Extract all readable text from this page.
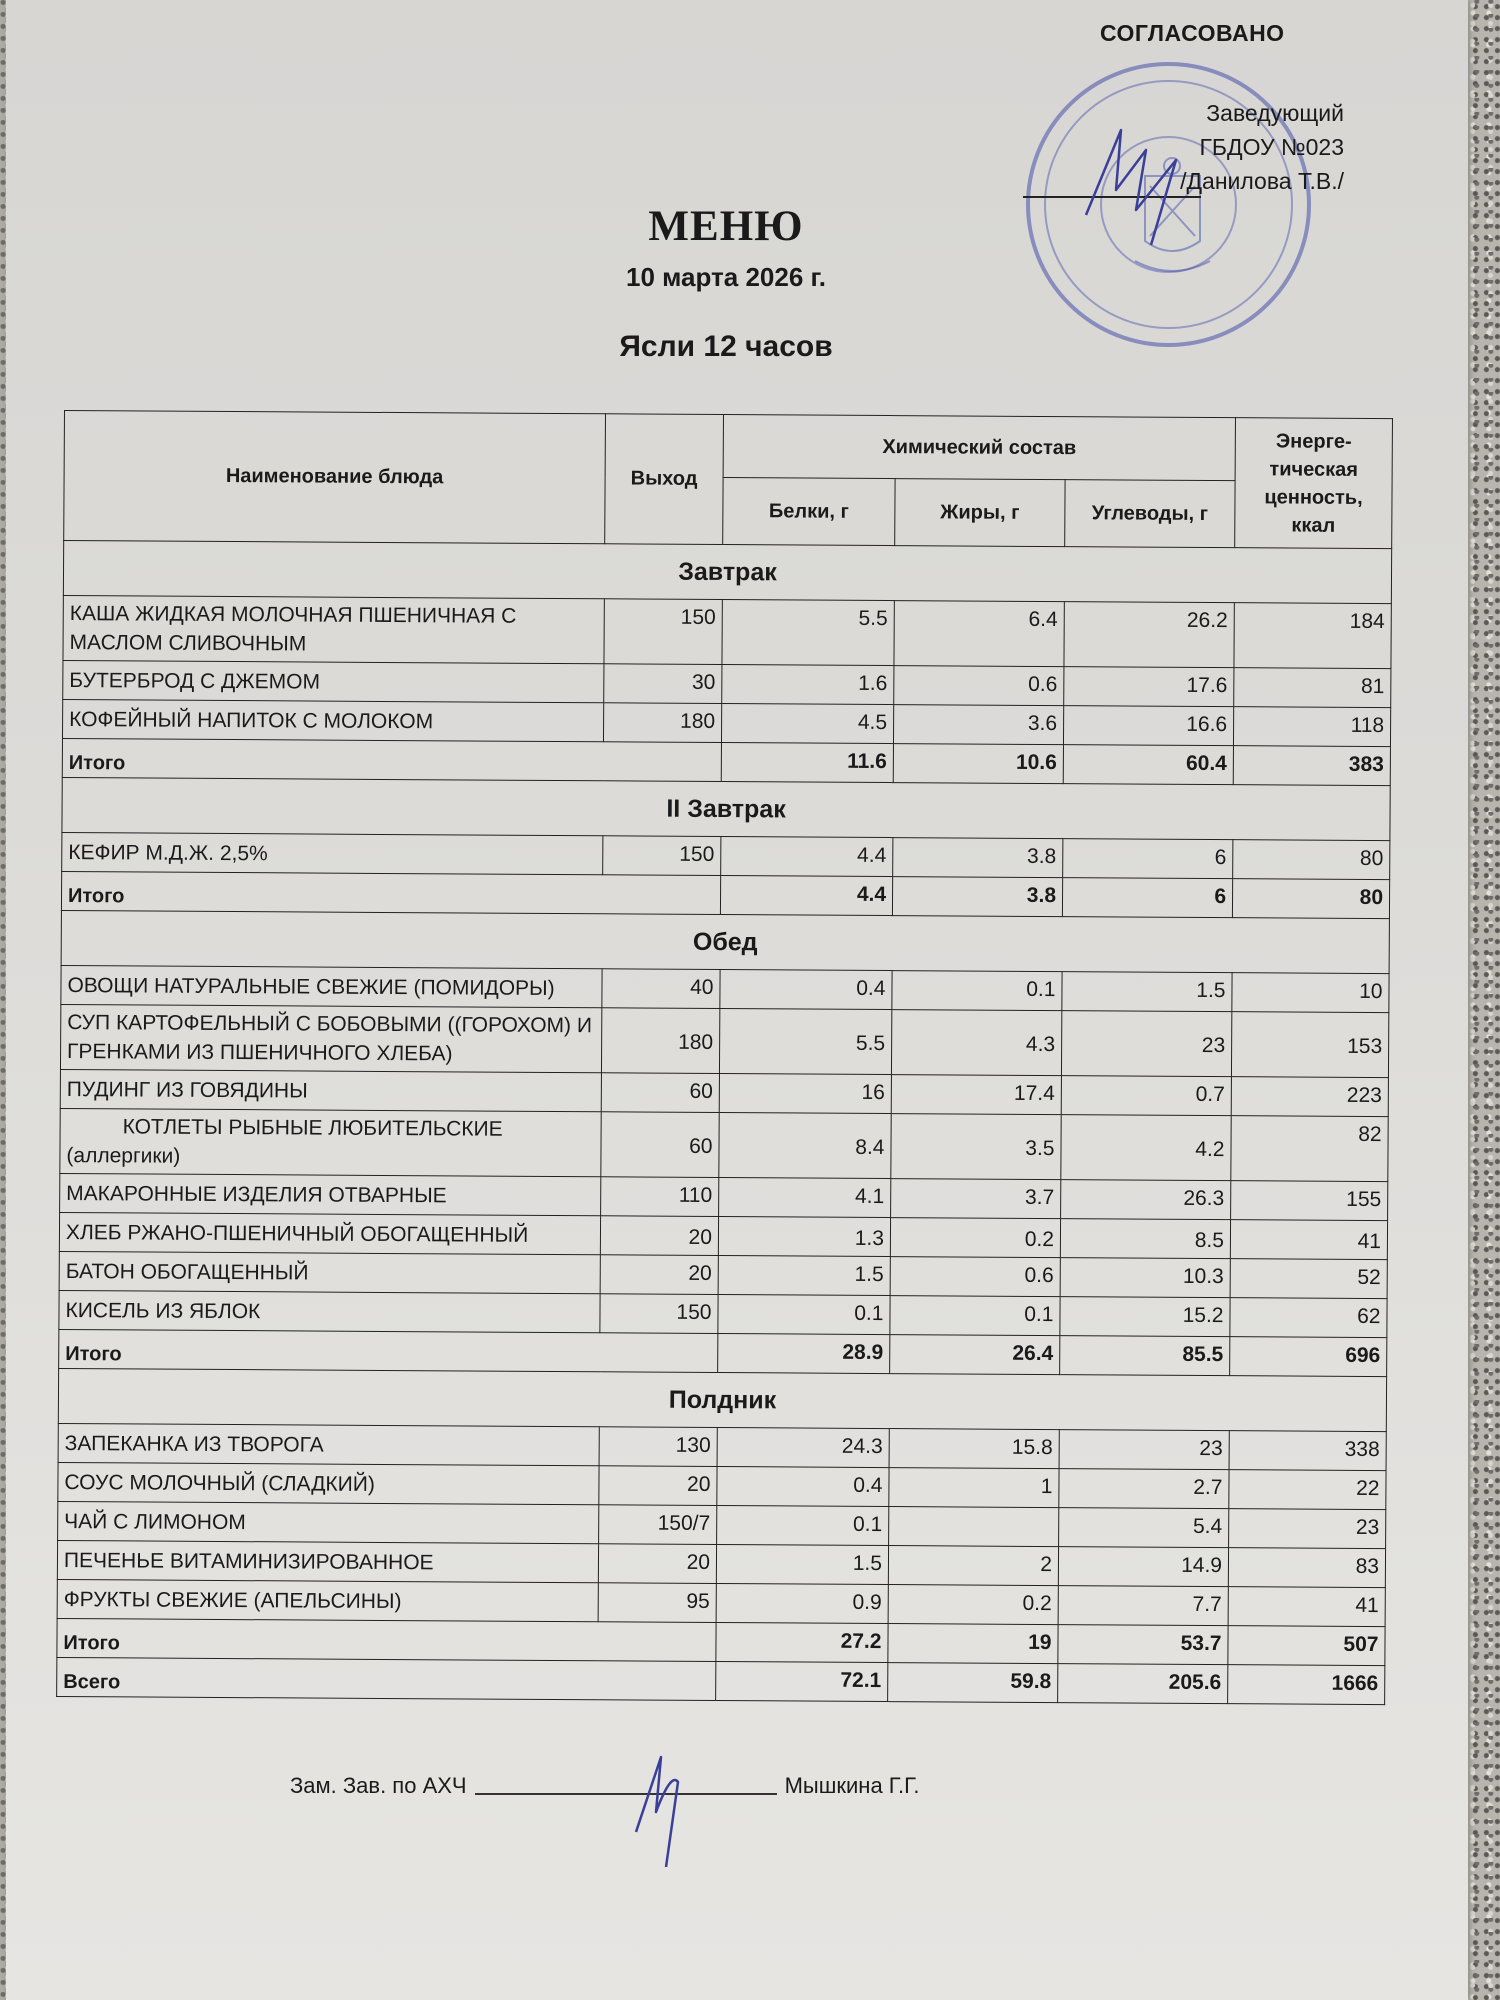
СОГЛАСОВАНО
Заведующий
ГБДОУ №023
/Данилова Т.В./
МЕНЮ
10 марта 2026 г.
Ясли 12 часов
Наименование блюда	Выход	Химический состав			Энерге-тическая ценность, ккал
		Белки, г	Жиры, г	Углеводы, г	
Завтрак					
КАША ЖИДКАЯ МОЛОЧНАЯ ПШЕНИЧНАЯ С МАСЛОМ СЛИВОЧНЫМ	150	5.5	6.4	26.2	184
БУТЕРБРОД С ДЖЕМОМ	30	1.6	0.6	17.6	81
КОФЕЙНЫЙ НАПИТОК С МОЛОКОМ	180	4.5	3.6	16.6	118
Итого		11.6	10.6	60.4	383
II Завтрак					
КЕФИР М.Д.Ж. 2,5%	150	4.4	3.8	6	80
Итого		4.4	3.8	6	80
Обед					
ОВОЩИ НАТУРАЛЬНЫЕ СВЕЖИЕ (ПОМИДОРЫ)	40	0.4	0.1	1.5	10
СУП КАРТОФЕЛЬНЫЙ С БОБОВЫМИ ((ГОРОХОМ) И ГРЕНКАМИ ИЗ ПШЕНИЧНОГО ХЛЕБА)	180	5.5	4.3	23	153
ПУДИНГ ИЗ ГОВЯДИНЫ	60	16	17.4	0.7	223
КОТЛЕТЫ РЫБНЫЕ ЛЮБИТЕЛЬСКИЕ
(аллергики)	60	8.4	3.5	4.2	82
МАКАРОННЫЕ ИЗДЕЛИЯ ОТВАРНЫЕ	110	4.1	3.7	26.3	155
ХЛЕБ РЖАНО-ПШЕНИЧНЫЙ ОБОГАЩЕННЫЙ	20	1.3	0.2	8.5	41
БАТОН ОБОГАЩЕННЫЙ	20	1.5	0.6	10.3	52
КИСЕЛЬ ИЗ ЯБЛОК	150	0.1	0.1	15.2	62
Итого		28.9	26.4	85.5	696
Полдник					
ЗАПЕКАНКА ИЗ ТВОРОГА	130	24.3	15.8	23	338
СОУС МОЛОЧНЫЙ (СЛАДКИЙ)	20	0.4	1	2.7	22
ЧАЙ С ЛИМОНОМ	150/7	0.1		5.4	23
ПЕЧЕНЬЕ ВИТАМИНИЗИРОВАННОЕ	20	1.5	2	14.9	83
ФРУКТЫ СВЕЖИЕ (АПЕЛЬСИНЫ)	95	0.9	0.2	7.7	41
Итого		27.2	19	53.7	507
Всего		72.1	59.8	205.6	1666
Зам. Зав. по АХЧ	Мышкина Г.Г.
